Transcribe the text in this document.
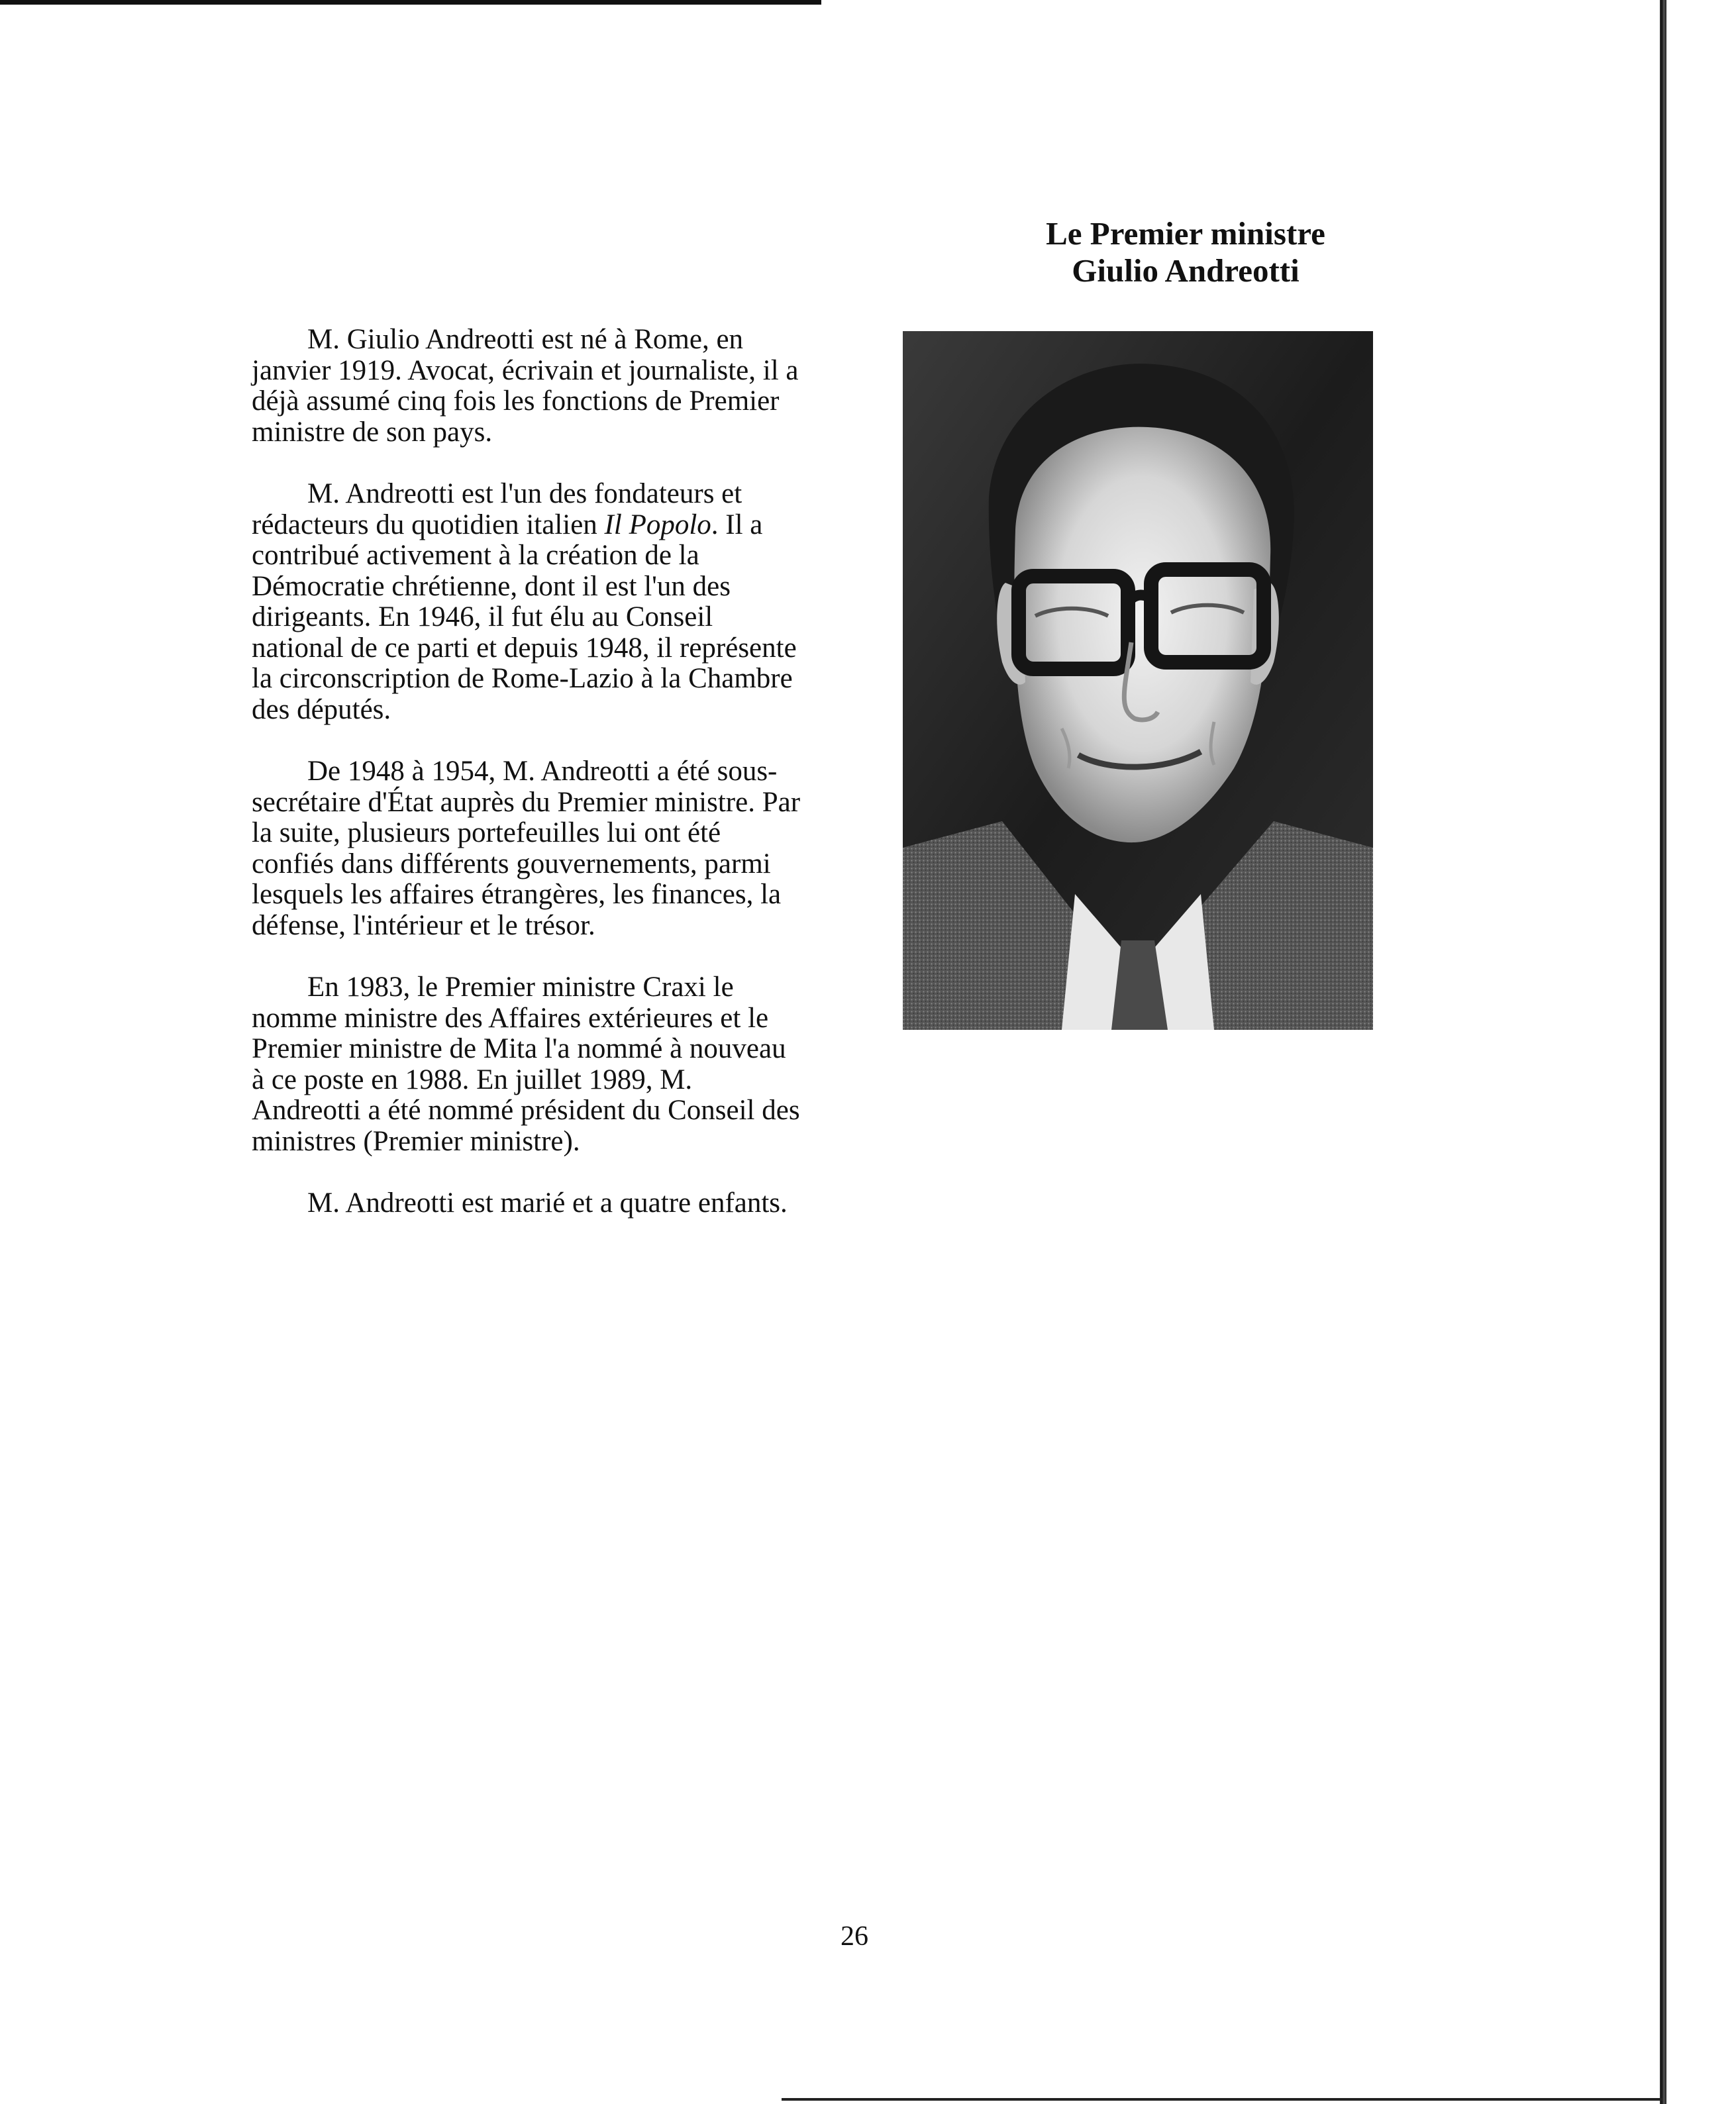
Le Premier ministre
Giulio Andreotti

M. Giulio Andreotti est né à Rome, en janvier 1919. Avocat, écrivain et journaliste, il a déjà assumé cinq fois les fonctions de Premier ministre de son pays.

M. Andreotti est l'un des fondateurs et rédacteurs du quotidien italien Il Popolo. Il a contribué activement à la création de la Démocratie chrétienne, dont il est l'un des dirigeants. En 1946, il fut élu au Conseil national de ce parti et depuis 1948, il représente la circonscription de Rome-Lazio à la Chambre des députés.

De 1948 à 1954, M. Andreotti a été sous-secrétaire d'État auprès du Premier ministre. Par la suite, plusieurs portefeuilles lui ont été confiés dans différents gouvernements, parmi lesquels les affaires étrangères, les finances, la défense, l'intérieur et le trésor.

En 1983, le Premier ministre Craxi le nomme ministre des Affaires extérieures et le Premier ministre de Mita l'a nommé à nouveau à ce poste en 1988. En juillet 1989, M. Andreotti a été nommé président du Conseil des ministres (Premier ministre).

M. Andreotti est marié et a quatre enfants.

26
